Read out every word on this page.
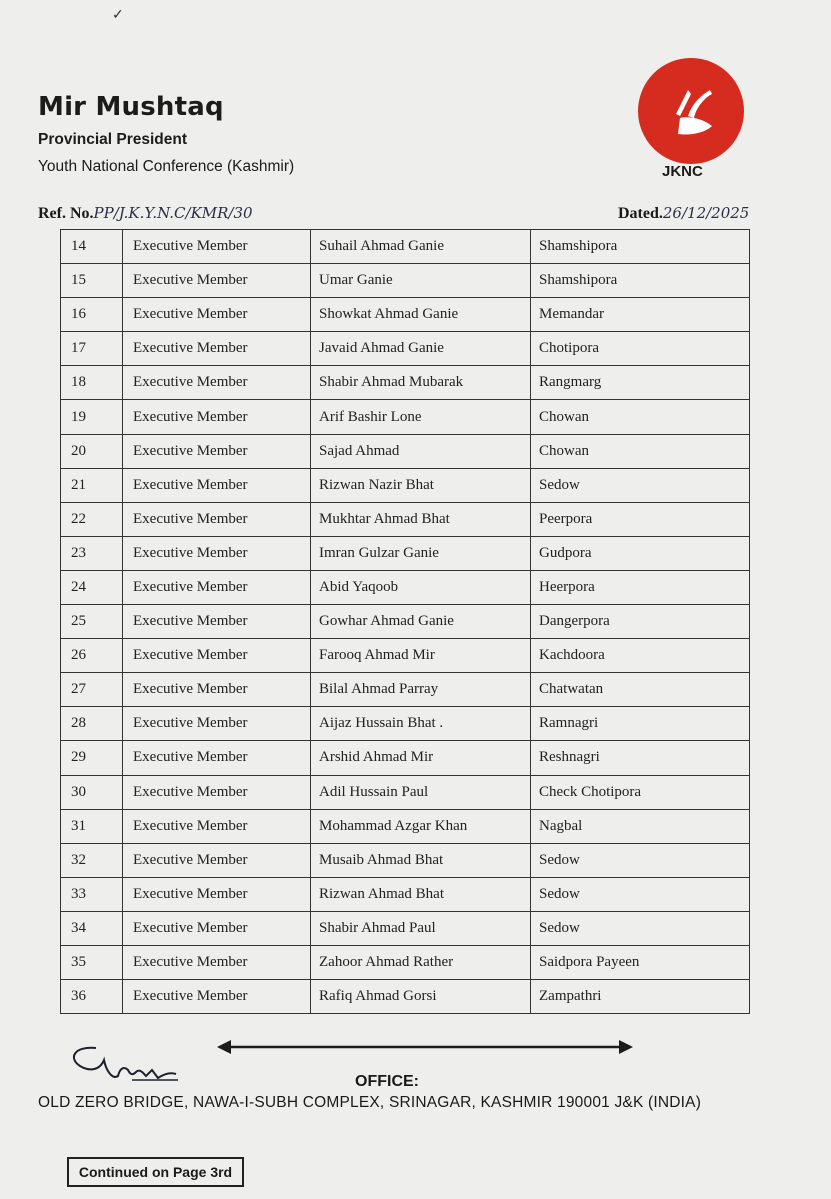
✓
Mir Mushtaq
Provincial President
Youth National Conference (Kashmir)	JKNC
Ref. No.PP/J.K.Y.N.C/KMR/30	Dated.26/12/2025
14	Executive Member	Suhail Ahmad Ganie	Shamshipora
15	Executive Member	Umar Ganie	Shamshipora
16	Executive Member	Showkat Ahmad Ganie	Memandar
17	Executive Member	Javaid Ahmad Ganie	Chotipora
18	Executive Member	Shabir Ahmad Mubarak	Rangmarg
19	Executive Member	Arif Bashir Lone	Chowan
20	Executive Member	Sajad Ahmad	Chowan
21	Executive Member	Rizwan Nazir Bhat	Sedow
22	Executive Member	Mukhtar Ahmad Bhat	Peerpora
23	Executive Member	Imran Gulzar Ganie	Gudpora
24	Executive Member	Abid Yaqoob	Heerpora
25	Executive Member	Gowhar Ahmad Ganie	Dangerpora
26	Executive Member	Farooq Ahmad Mir	Kachdoora
27	Executive Member	Bilal Ahmad Parray	Chatwatan
28	Executive Member	Aijaz Hussain Bhat .	Ramnagri
29	Executive Member	Arshid Ahmad Mir	Reshnagri
30	Executive Member	Adil Hussain Paul	Check Chotipora
31	Executive Member	Mohammad Azgar Khan	Nagbal
32	Executive Member	Musaib Ahmad Bhat	Sedow
33	Executive Member	Rizwan Ahmad Bhat	Sedow
34	Executive Member	Shabir Ahmad Paul	Sedow
35	Executive Member	Zahoor Ahmad Rather	Saidpora Payeen
36	Executive Member	Rafiq Ahmad Gorsi	Zampathri
OFFICE:
OLD ZERO BRIDGE, NAWA-I-SUBH COMPLEX, SRINAGAR, KASHMIR 190001 J&K (INDIA)
Continued on Page 3rd
